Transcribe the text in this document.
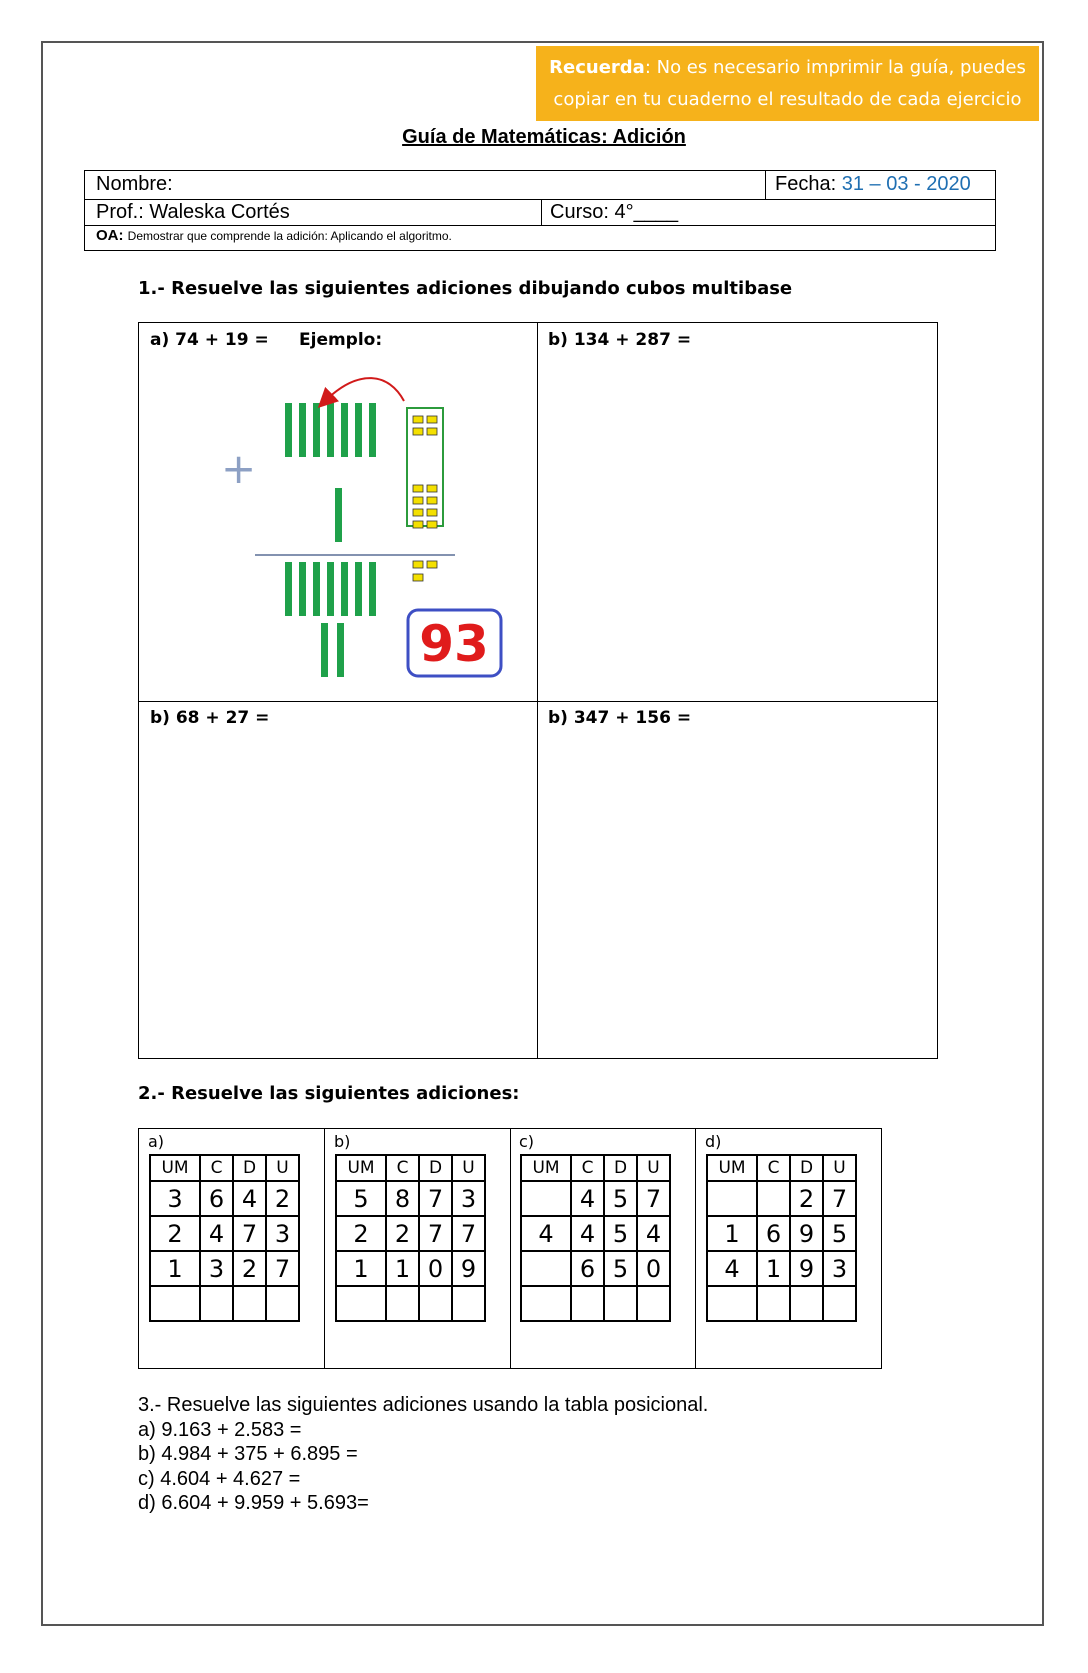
Recuerda: No es necesario imprimir la guía, puedes copiar en tu cuaderno el resultado de cada ejercicio
Guía de Matemáticas: Adición
Nombre:	Fecha: 31 – 03 - 2020
Prof.: Waleska Cortés	Curso: 4°____
OA: Demostrar que comprende la adición: Aplicando el algoritmo.
1.- Resuelve las siguientes adiciones dibujando cubos multibase
a) 74 + 19 = Ejemplo:	b) 134 + 287 =
b) 68 + 27 =	b) 347 + 156 =
+
93
2.- Resuelve las siguientes adiciones:
a)
UM	C	D	U
3	6	4	2
2	4	7	3
1	3	2	7

b)
UM	C	D	U
5	8	7	3
2	2	7	7
1	1	0	9

c)
UM	C	D	U
	4	5	7
4	4	5	4
	6	5	0

d)
UM	C	D	U
		2	7
1	6	9	5
4	1	9	3

3.- Resuelve las siguientes adiciones usando la tabla posicional.
a) 9.163 + 2.583 =
b) 4.984 + 375 + 6.895 =
c) 4.604 + 4.627 =
d) 6.604 + 9.959 + 5.693=
